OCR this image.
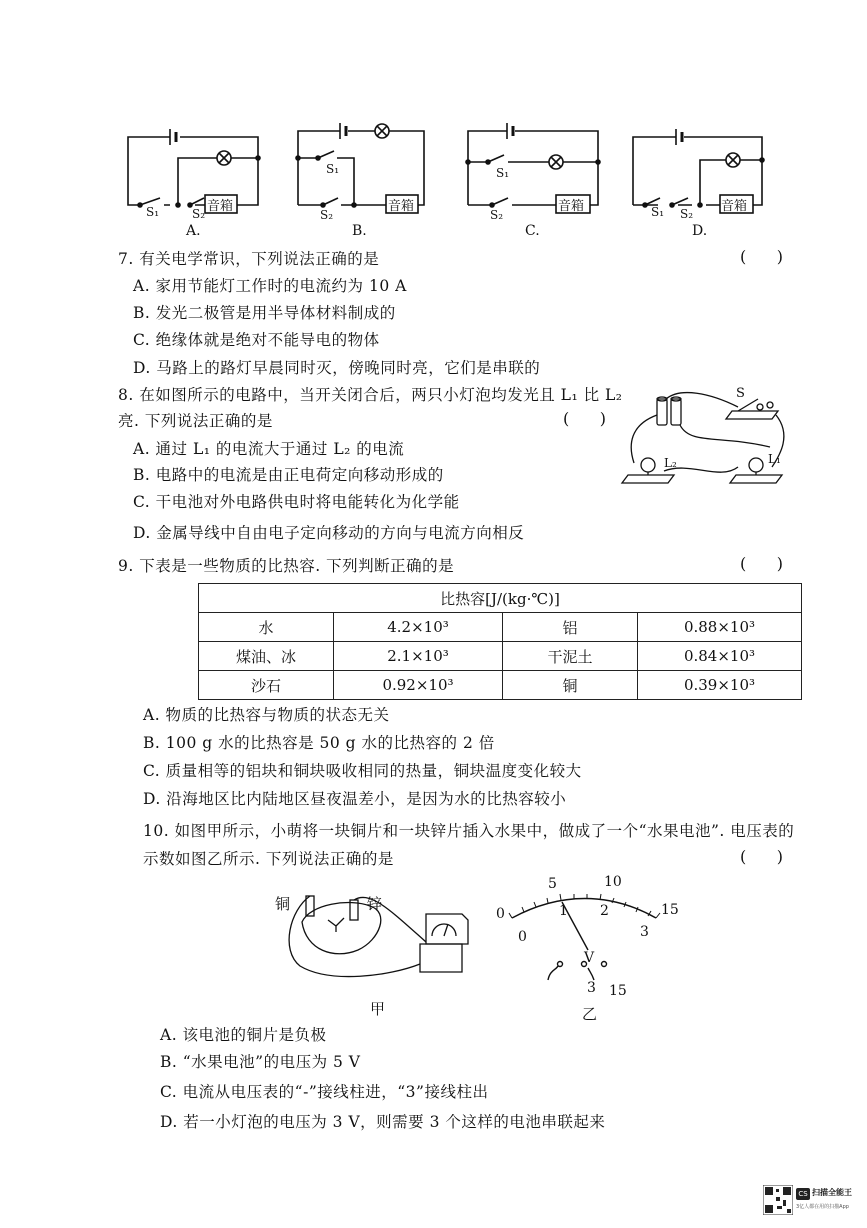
S₁	S₂ 音箱
A.
S₁
S₂
音箱
B.
S₁
S₂
音箱
C.
S₁ S₂ 音箱
D.
7. 有关电学常识，下列说法正确的是	(      )
A. 家用节能灯工作时的电流约为 10 A
B. 发光二极管是用半导体材料制成的
C. 绝缘体就是绝对不能导电的物体
D. 马路上的路灯早晨同时灭，傍晚同时亮，它们是串联的
8. 在如图所示的电路中，当开关闭合后，两只小灯泡均发光且 L₁ 比 L₂
亮. 下列说法正确的是	(      )
A. 通过 L₁ 的电流大于通过 L₂ 的电流
B. 电路中的电流是由正电荷定向移动形成的
C. 干电池对外电路供电时将电能转化为化学能
D. 金属导线中自由电子定向移动的方向与电流方向相反
S
L₂	L₁
9. 下表是一些物质的比热容. 下列判断正确的是	(      )
比热容[J/(kg·℃)]			
水	4.2×10³	铝	0.88×10³
煤油、冰	2.1×10³	干泥土	0.84×10³
沙石	0.92×10³	铜	0.39×10³
A. 物质的比热容与物质的状态无关
B. 100 g 水的比热容是 50 g 水的比热容的 2 倍
C. 质量相等的铝块和铜块吸收相同的热量，铜块温度变化较大
D. 沿海地区比内陆地区昼夜温差小，是因为水的比热容较小
10. 如图甲所示，小萌将一块铜片和一块锌片插入水果中，做成了一个“水果电池”. 电压表的
示数如图乙所示. 下列说法正确的是	(      )
铜	锌
甲
0
5	10
15
0
1 2
3
V
3 15
乙
A. 该电池的铜片是负极
B. “水果电池”的电压为 5 V
C. 电流从电压表的“-”接线柱进，“3”接线柱出
D. 若一小灯泡的电压为 3 V，则需要 3 个这样的电池串联起来
CS 扫描全能王
3亿人都在用的扫描App
